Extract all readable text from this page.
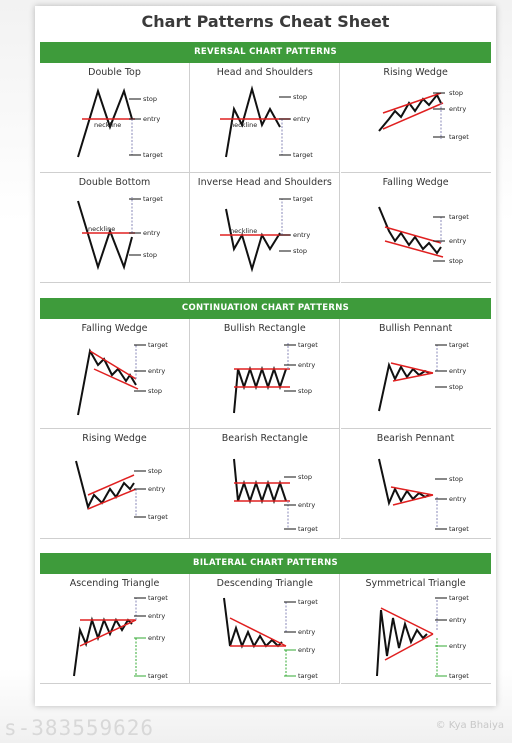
Chart Patterns Cheat Sheet
REVERSAL CHART PATTERNS
Double Top
neckline
stop
entry
target
Head and Shoulders
neckline
stop
entry
target
Rising Wedge
stop
entry
target
Double Bottom
neckline
target
entry
stop
Inverse Head and Shoulders
neckline
target
entry
stop
Falling Wedge
target
entry
stop
CONTINUATION CHART PATTERNS
Falling Wedge
target
entry
stop
Bullish Rectangle
target
entry
stop
Bullish Pennant
target
entry
stop
Rising Wedge
stop
entry
target
Bearish Rectangle
stop
entry
target
Bearish Pennant
stop
entry
target
BILATERAL CHART PATTERNS
Ascending Triangle
target
entry
entry
target
Descending Triangle
target
entry
entry
target
Symmetrical Triangle
target
entry
entry
target
s-383559626	© Kya Bhaiya
